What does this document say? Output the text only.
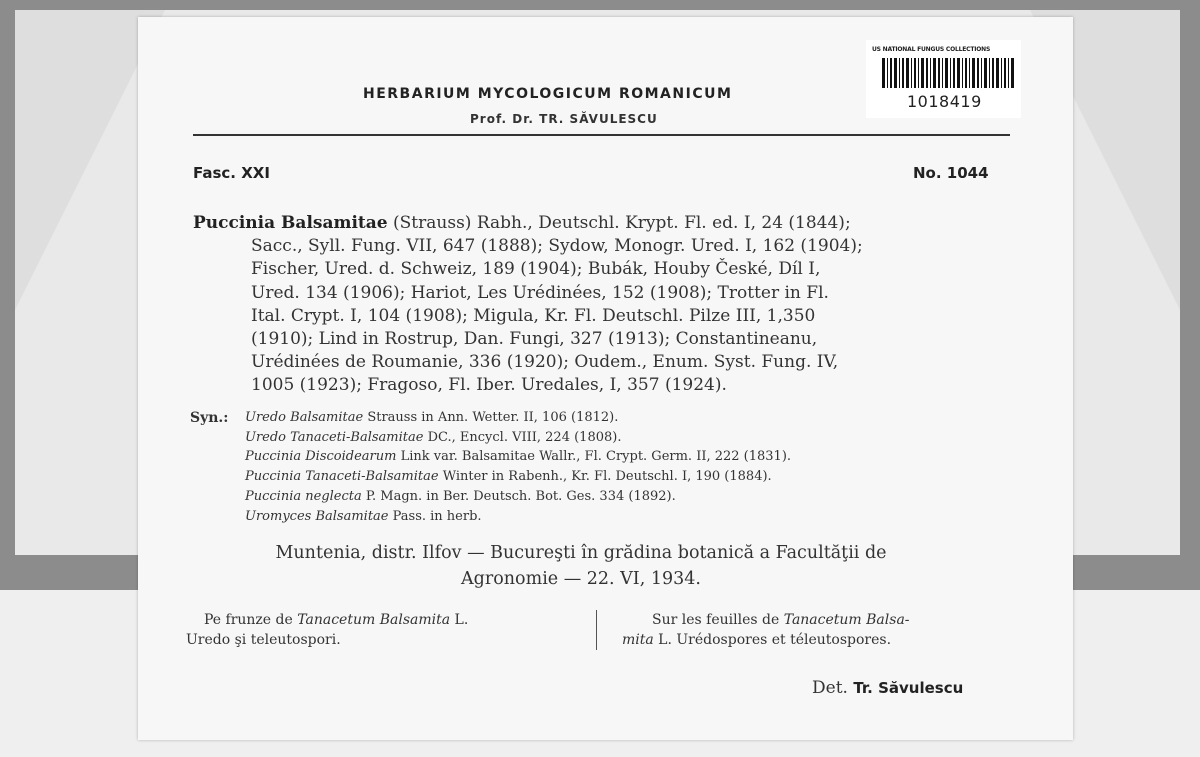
HERBARIUM MYCOLOGICUM ROMANICUM
Prof. Dr. TR. SĂVULESCU
US NATIONAL FUNGUS COLLECTIONS
1018419
Fasc. XXI	No. 1044
Puccinia Balsamitae (Strauss) Rabh., Deutschl. Krypt. Fl. ed. I, 24 (1844);
Sacc., Syll. Fung. VII, 647 (1888); Sydow, Monogr. Ured. I, 162 (1904);
Fischer, Ured. d. Schweiz, 189 (1904); Bubák, Houby České, Díl I,
Ured. 134 (1906); Hariot, Les Urédinées, 152 (1908); Trotter in Fl.
Ital. Crypt. I, 104 (1908); Migula, Kr. Fl. Deutschl. Pilze III, 1,350
(1910); Lind in Rostrup, Dan. Fungi, 327 (1913); Constantineanu,
Urédinées de Roumanie, 336 (1920); Oudem., Enum. Syst. Fung. IV,
1005 (1923); Fragoso, Fl. Iber. Uredales, I, 357 (1924).
Syn.: Uredo Balsamitae Strauss in Ann. Wetter. II, 106 (1812).
Uredo Tanaceti-Balsamitae DC., Encycl. VIII, 224 (1808).
Puccinia Discoidearum Link var. Balsamitae Wallr., Fl. Crypt. Germ. II, 222 (1831).
Puccinia Tanaceti-Balsamitae Winter in Rabenh., Kr. Fl. Deutschl. I, 190 (1884).
Puccinia neglecta P. Magn. in Ber. Deutsch. Bot. Ges. 334 (1892).
Uromyces Balsamitae Pass. in herb.
Muntenia, distr. Ilfov — Bucureşti în grădina botanică a Facultăţii de
Agronomie — 22. VI, 1934.
Pe frunze de Tanacetum Balsamita L.
Uredo şi teleutospori.
Sur les feuilles de Tanacetum Balsa-
mita L. Urédospores et téleutospores.
Det. Tr. Săvulescu
